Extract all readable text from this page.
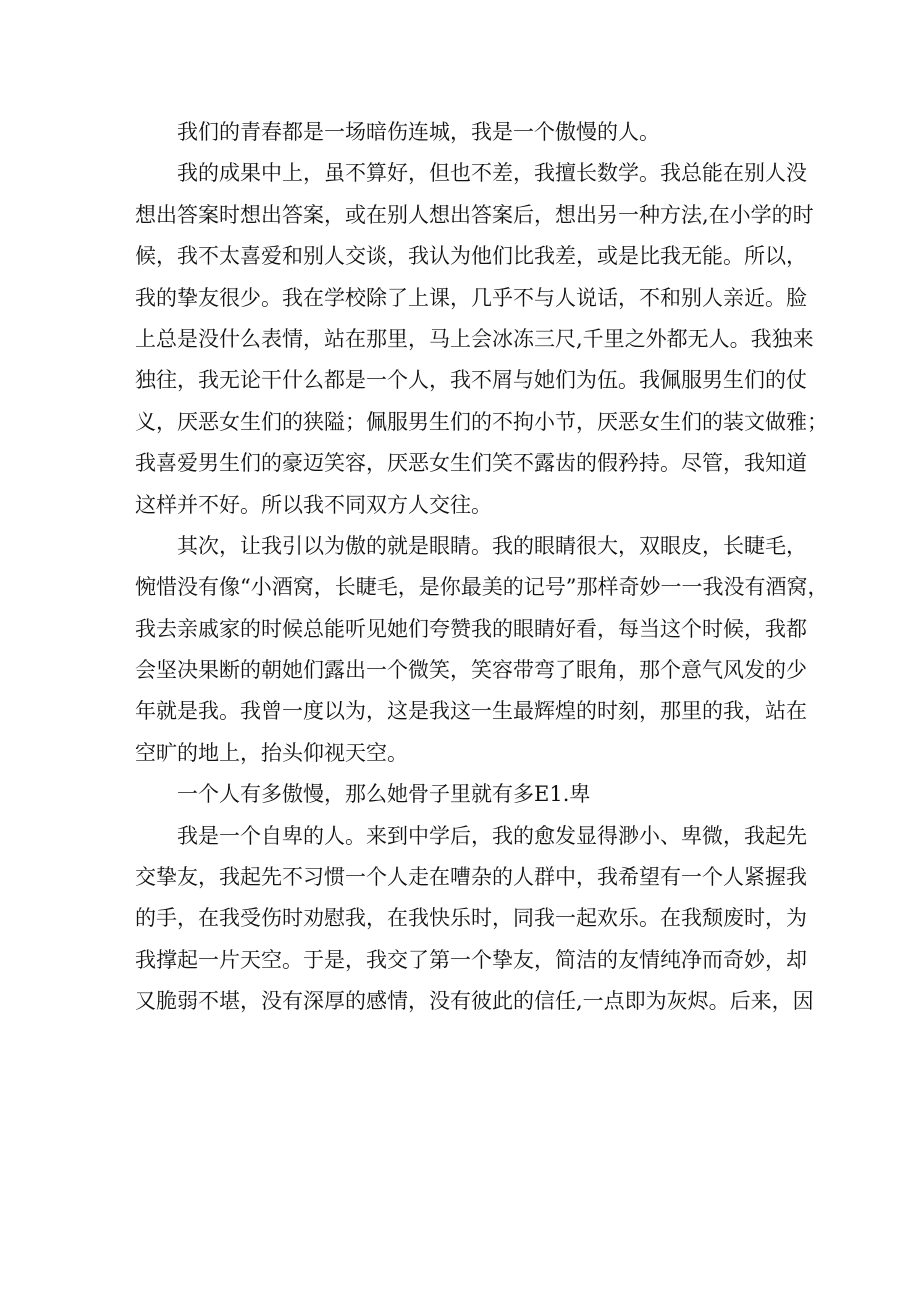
我们的青春都是一场暗伤连城，我是一个傲慢的人。
我的成果中上，虽不算好，但也不差，我擅长数学。我总能在别人没
想出答案时想出答案，或在别人想出答案后，想出另一种方法,在小学的时
候，我不太喜爱和别人交谈，我认为他们比我差，或是比我无能。所以，
我的挚友很少。我在学校除了上课，几乎不与人说话，不和别人亲近。脸
上总是没什么表情，站在那里，马上会冰冻三尺,千里之外都无人。我独来
独往，我无论干什么都是一个人，我不屑与她们为伍。我佩服男生们的仗
义，厌恶女生们的狭隘；佩服男生们的不拘小节，厌恶女生们的装文做雅；
我喜爱男生们的豪迈笑容，厌恶女生们笑不露齿的假矜持。尽管，我知道
这样并不好。所以我不同双方人交往。
其次，让我引以为傲的就是眼睛。我的眼睛很大，双眼皮，长睫毛，
惋惜没有像“小酒窝，长睫毛，是你最美的记号”那样奇妙一一我没有酒窝，
我去亲戚家的时候总能听见她们夸赞我的眼睛好看，每当这个时候，我都
会坚决果断的朝她们露出一个微笑，笑容带弯了眼角，那个意气风发的少
年就是我。我曾一度以为，这是我这一生最辉煌的时刻，那里的我，站在
空旷的地上，抬头仰视天空。
一个人有多傲慢，那么她骨子里就有多E1.卑
我是一个自卑的人。来到中学后，我的愈发显得渺小、卑微，我起先
交挚友，我起先不习惯一个人走在嘈杂的人群中，我希望有一个人紧握我
的手，在我受伤时劝慰我，在我快乐时，同我一起欢乐。在我颓废时，为
我撑起一片天空。于是，我交了第一个挚友，简洁的友情纯净而奇妙，却
又脆弱不堪，没有深厚的感情，没有彼此的信任,一点即为灰烬。后来，因
